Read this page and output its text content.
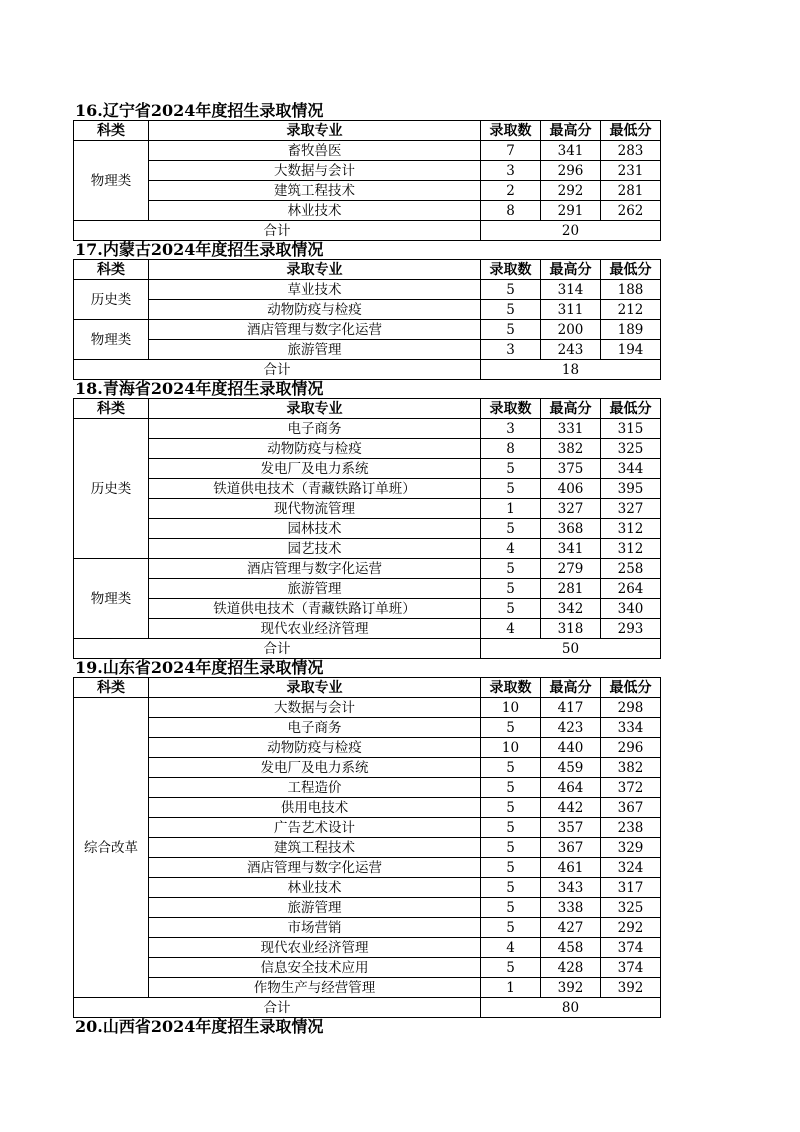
16.辽宁省2024年度招生录取情况
科类	录取专业	录取数	最高分	最低分
物理类	畜牧兽医	7	341	283
	大数据与会计	3	296	231
	建筑工程技术	2	292	281
	林业技术	8	291	262
合计		20		
17.内蒙古2024年度招生录取情况
科类	录取专业	录取数	最高分	最低分
历史类	草业技术	5	314	188
	动物防疫与检疫	5	311	212
物理类	酒店管理与数字化运营	5	200	189
	旅游管理	3	243	194
合计		18		
18.青海省2024年度招生录取情况
科类	录取专业	录取数	最高分	最低分
历史类	电子商务	3	331	315
	动物防疫与检疫	8	382	325
	发电厂及电力系统	5	375	344
	铁道供电技术（青藏铁路订单班）	5	406	395
	现代物流管理	1	327	327
	园林技术	5	368	312
	园艺技术	4	341	312
物理类	酒店管理与数字化运营	5	279	258
	旅游管理	5	281	264
	铁道供电技术（青藏铁路订单班）	5	342	340
	现代农业经济管理	4	318	293
合计		50		
19.山东省2024年度招生录取情况
科类	录取专业	录取数	最高分	最低分
综合改革	大数据与会计	10	417	298
	电子商务	5	423	334
	动物防疫与检疫	10	440	296
	发电厂及电力系统	5	459	382
	工程造价	5	464	372
	供用电技术	5	442	367
	广告艺术设计	5	357	238
	建筑工程技术	5	367	329
	酒店管理与数字化运营	5	461	324
	林业技术	5	343	317
	旅游管理	5	338	325
	市场营销	5	427	292
	现代农业经济管理	4	458	374
	信息安全技术应用	5	428	374
	作物生产与经营管理	1	392	392
合计		80		
20.山西省2024年度招生录取情况
